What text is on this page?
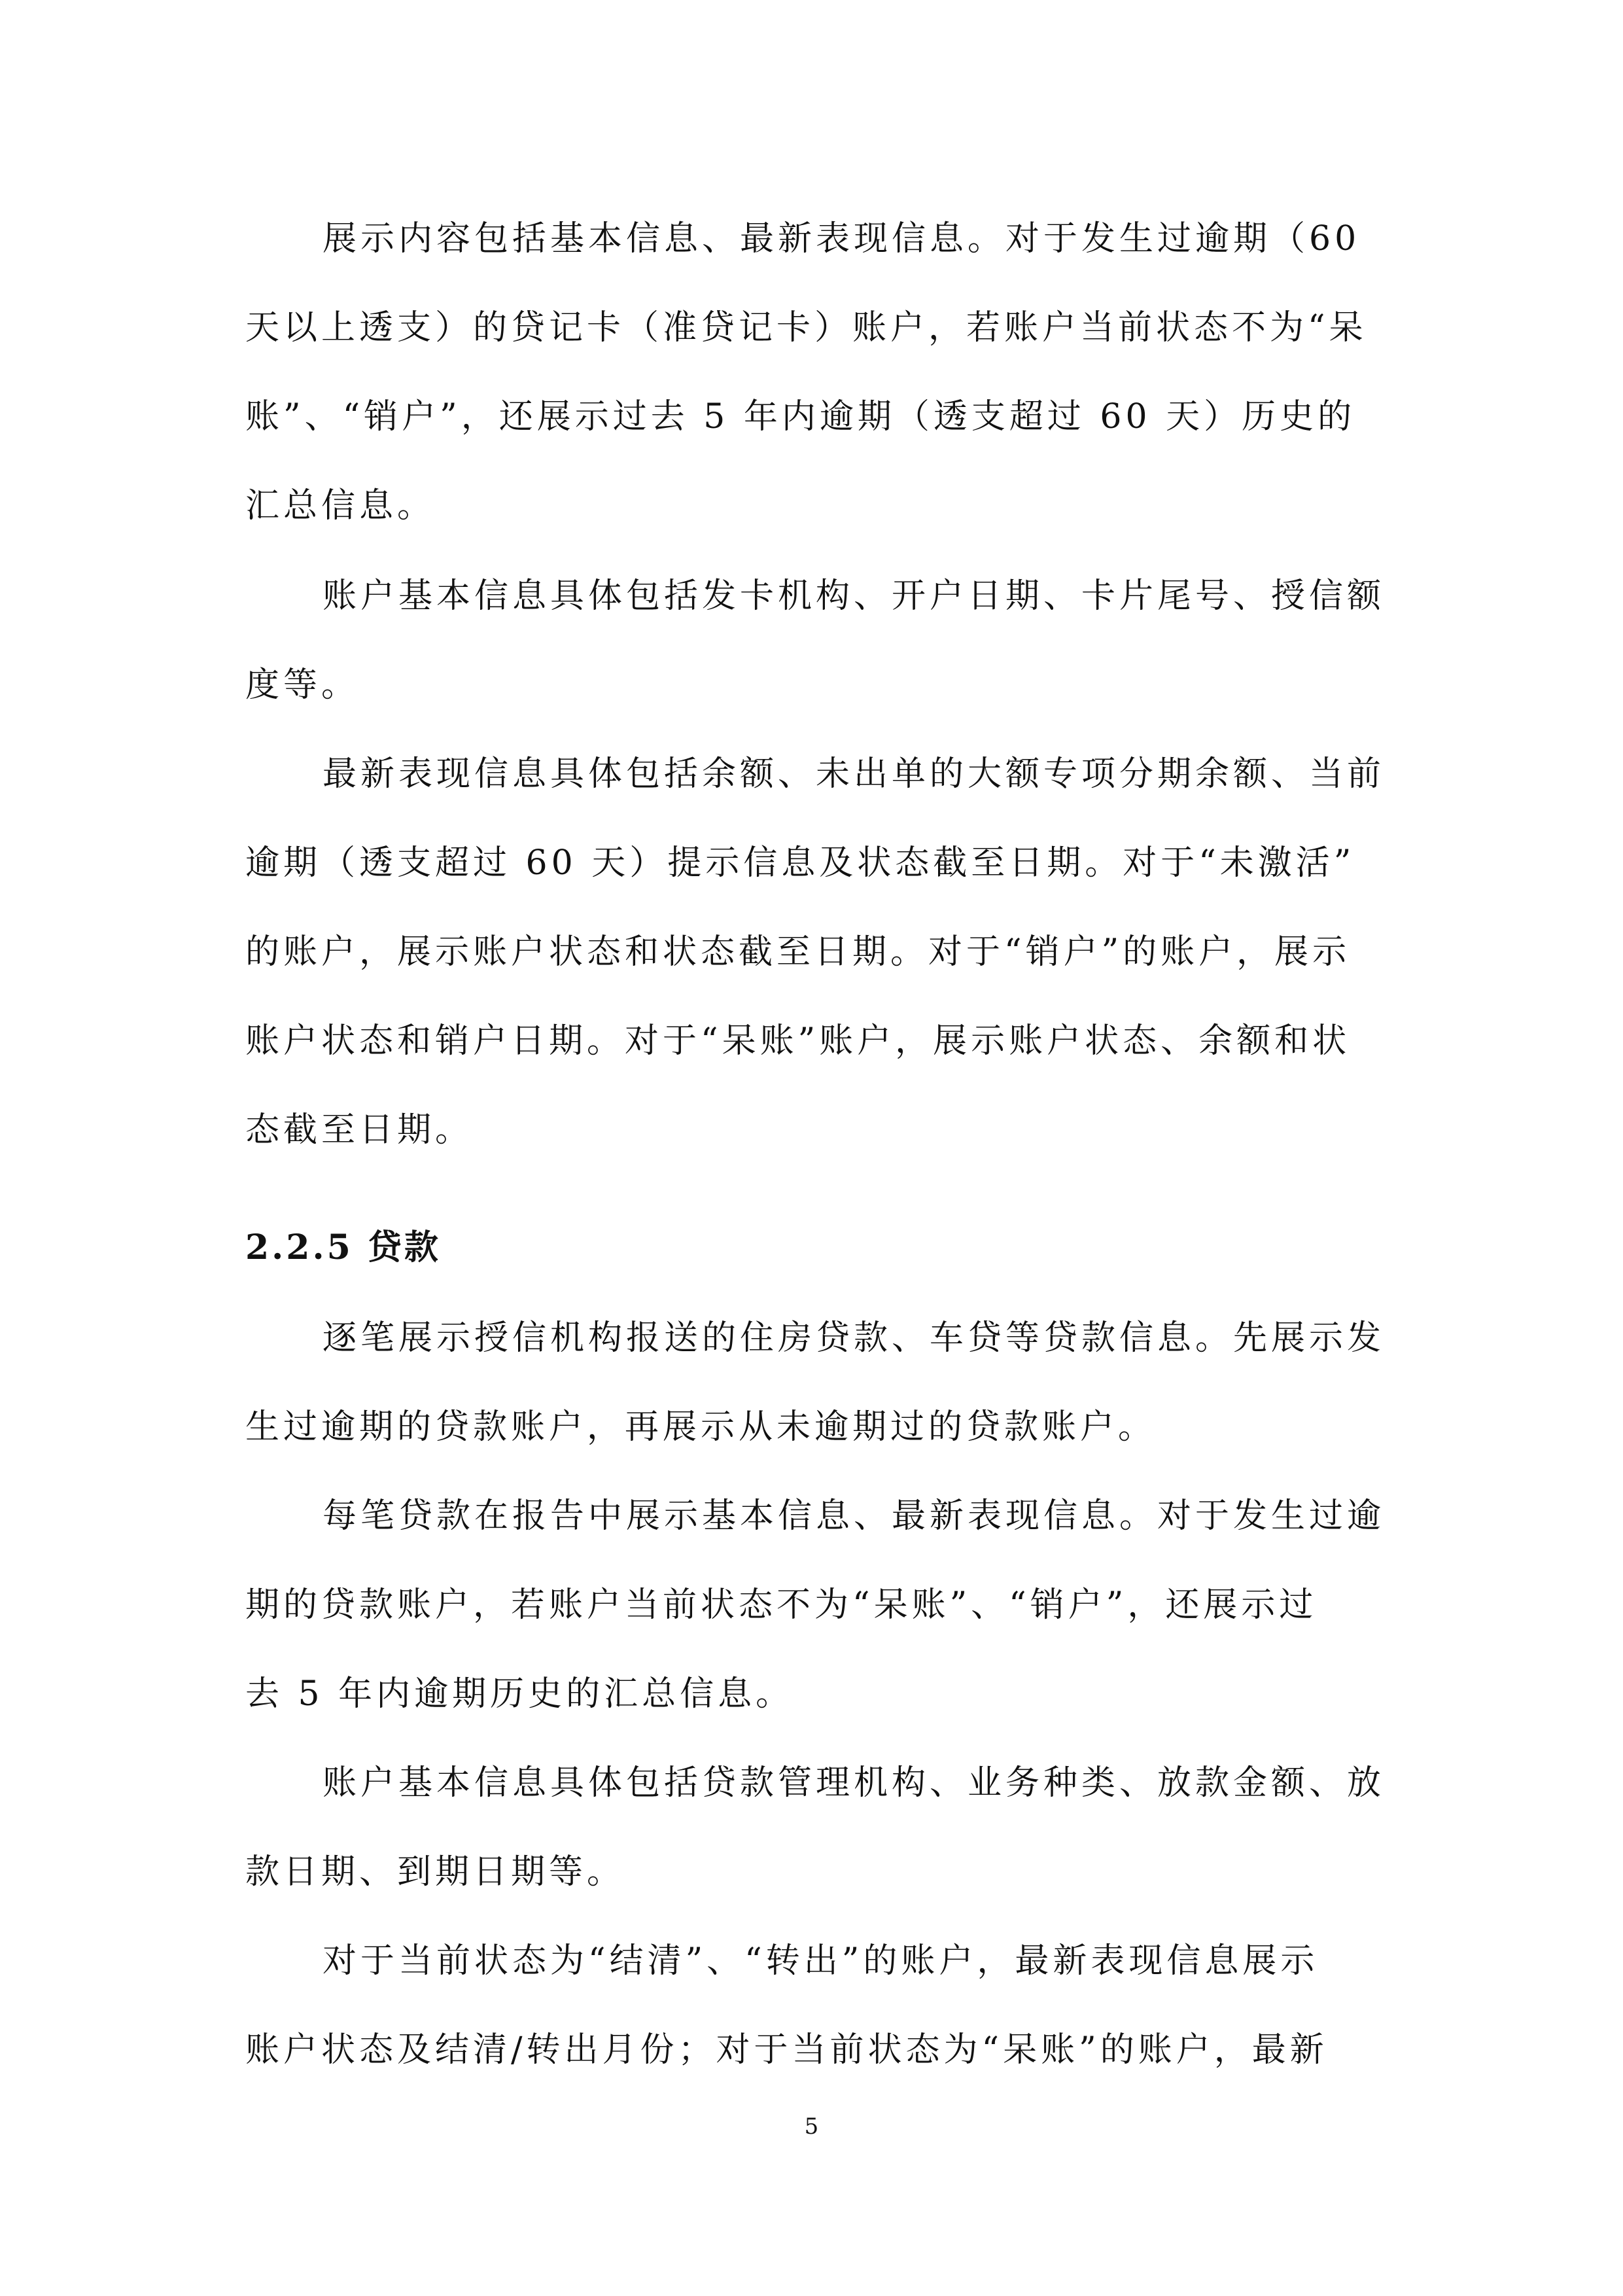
展示内容包括基本信息、最新表现信息。对于发生过逾期（60
天以上透支）的贷记卡（准贷记卡）账户，若账户当前状态不为“呆
账”、“销户”，还展示过去 5 年内逾期（透支超过 60 天）历史的
汇总信息。
账户基本信息具体包括发卡机构、开户日期、卡片尾号、授信额
度等。
最新表现信息具体包括余额、未出单的大额专项分期余额、当前
逾期（透支超过 60 天）提示信息及状态截至日期。对于“未激活”
的账户，展示账户状态和状态截至日期。对于“销户”的账户，展示
账户状态和销户日期。对于“呆账”账户，展示账户状态、余额和状
态截至日期。
2.2.5 贷款
逐笔展示授信机构报送的住房贷款、车贷等贷款信息。先展示发
生过逾期的贷款账户，再展示从未逾期过的贷款账户。
每笔贷款在报告中展示基本信息、最新表现信息。对于发生过逾
期的贷款账户，若账户当前状态不为“呆账”、“销户”，还展示过
去 5 年内逾期历史的汇总信息。
账户基本信息具体包括贷款管理机构、业务种类、放款金额、放
款日期、到期日期等。
对于当前状态为“结清”、“转出”的账户，最新表现信息展示
账户状态及结清/转出月份；对于当前状态为“呆账”的账户，最新
5
